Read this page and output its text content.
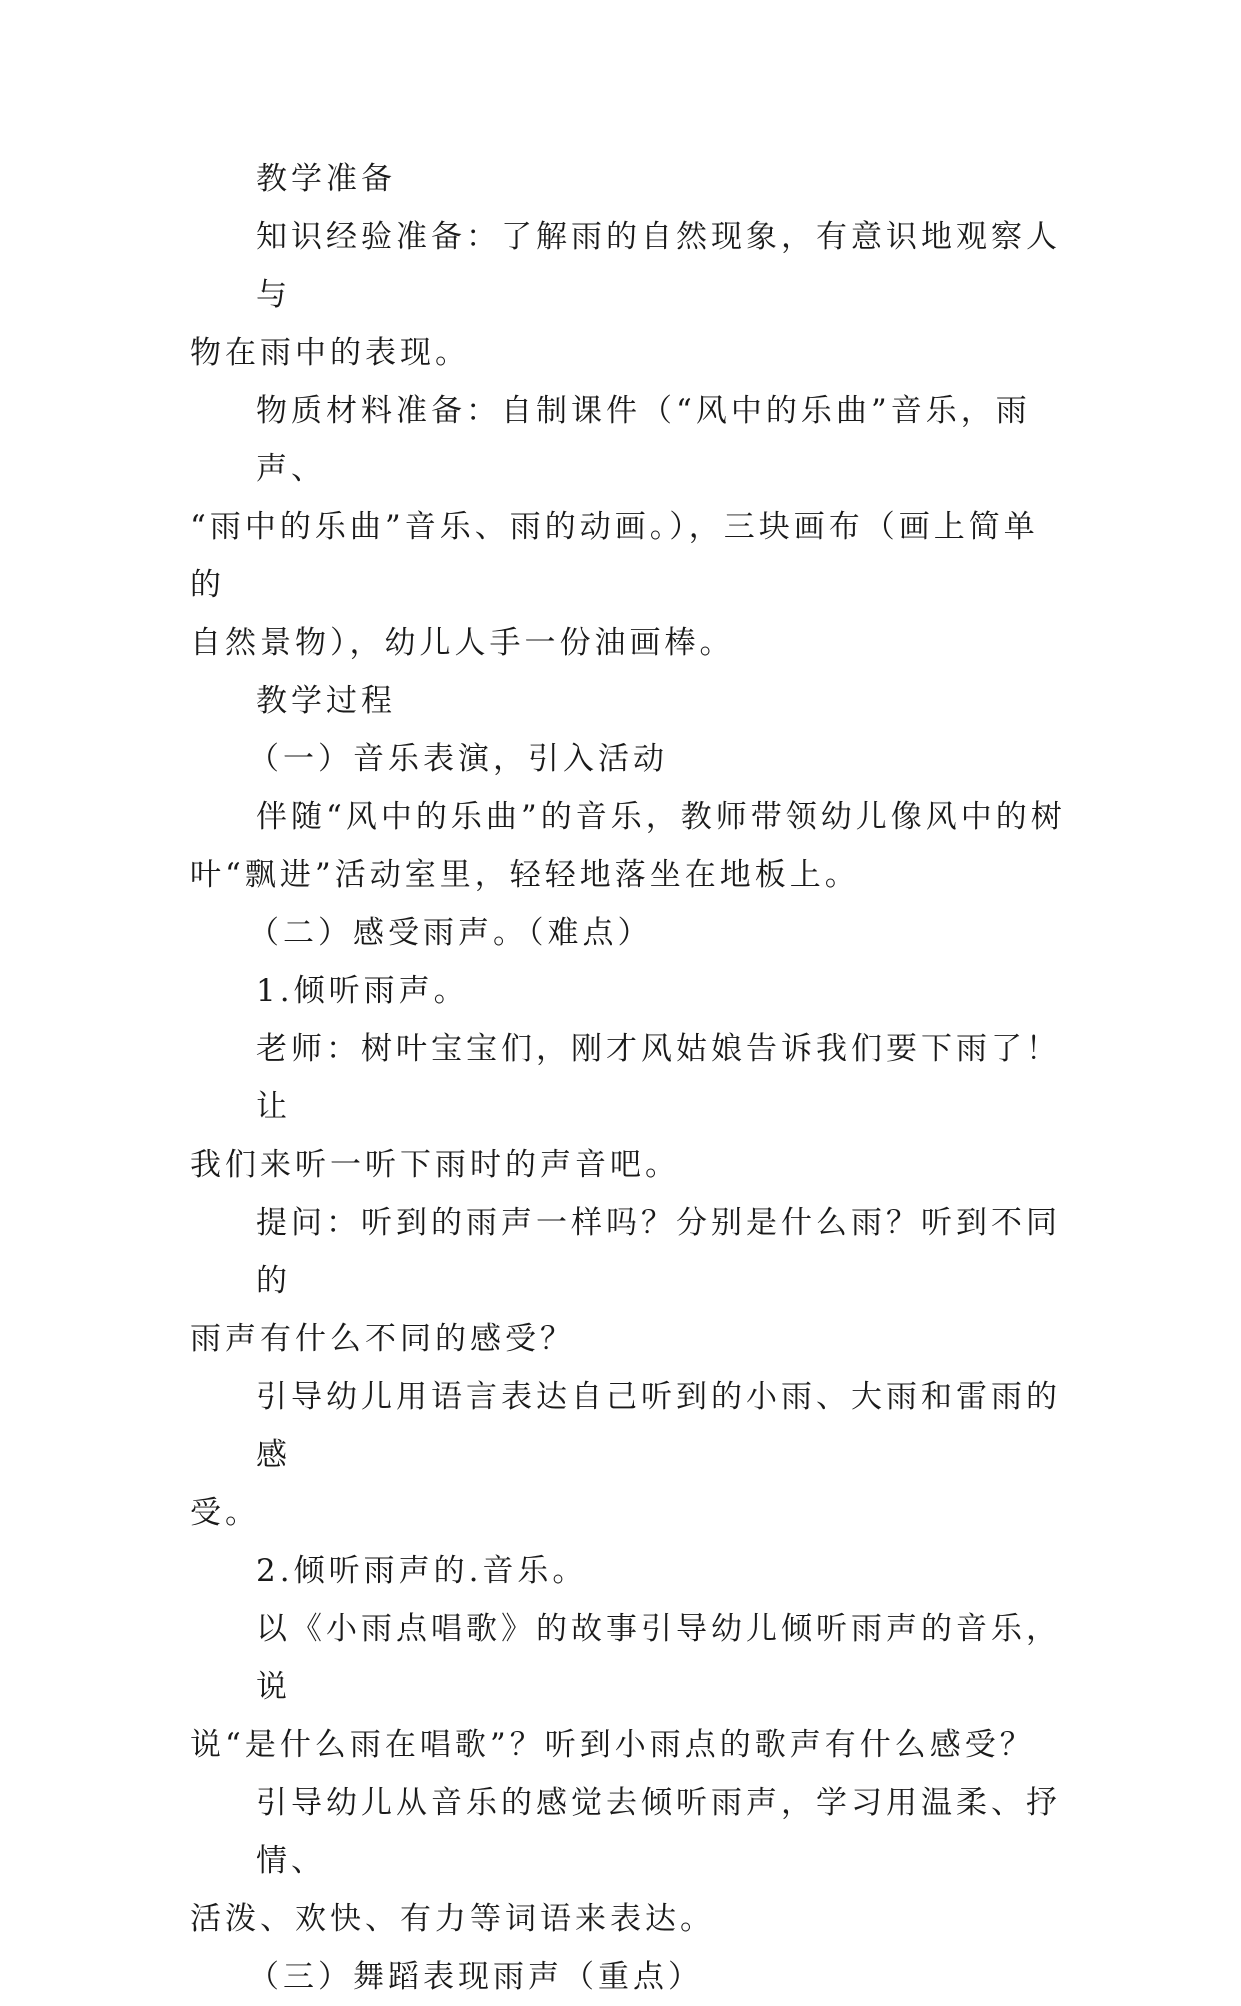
教学准备
知识经验准备：了解雨的自然现象，有意识地观察人与
物在雨中的表现。
物质材料准备：自制课件（“风中的乐曲”音乐，雨声、
“雨中的乐曲”音乐、雨的动画。），三块画布（画上简单的
自然景物），幼儿人手一份油画棒。
教学过程
（一）音乐表演，引入活动
伴随“风中的乐曲”的音乐，教师带领幼儿像风中的树
叶“飘进”活动室里，轻轻地落坐在地板上。
（二）感受雨声。（难点）
1.倾听雨声。
老师：树叶宝宝们，刚才风姑娘告诉我们要下雨了！让
我们来听一听下雨时的声音吧。
提问：听到的雨声一样吗？分别是什么雨？听到不同的
雨声有什么不同的感受？
引导幼儿用语言表达自己听到的小雨、大雨和雷雨的感
受。
2.倾听雨声的.音乐。
以《小雨点唱歌》的故事引导幼儿倾听雨声的音乐，说
说“是什么雨在唱歌”？听到小雨点的歌声有什么感受？
引导幼儿从音乐的感觉去倾听雨声，学习用温柔、抒情、
活泼、欢快、有力等词语来表达。
（三）舞蹈表现雨声（重点）
